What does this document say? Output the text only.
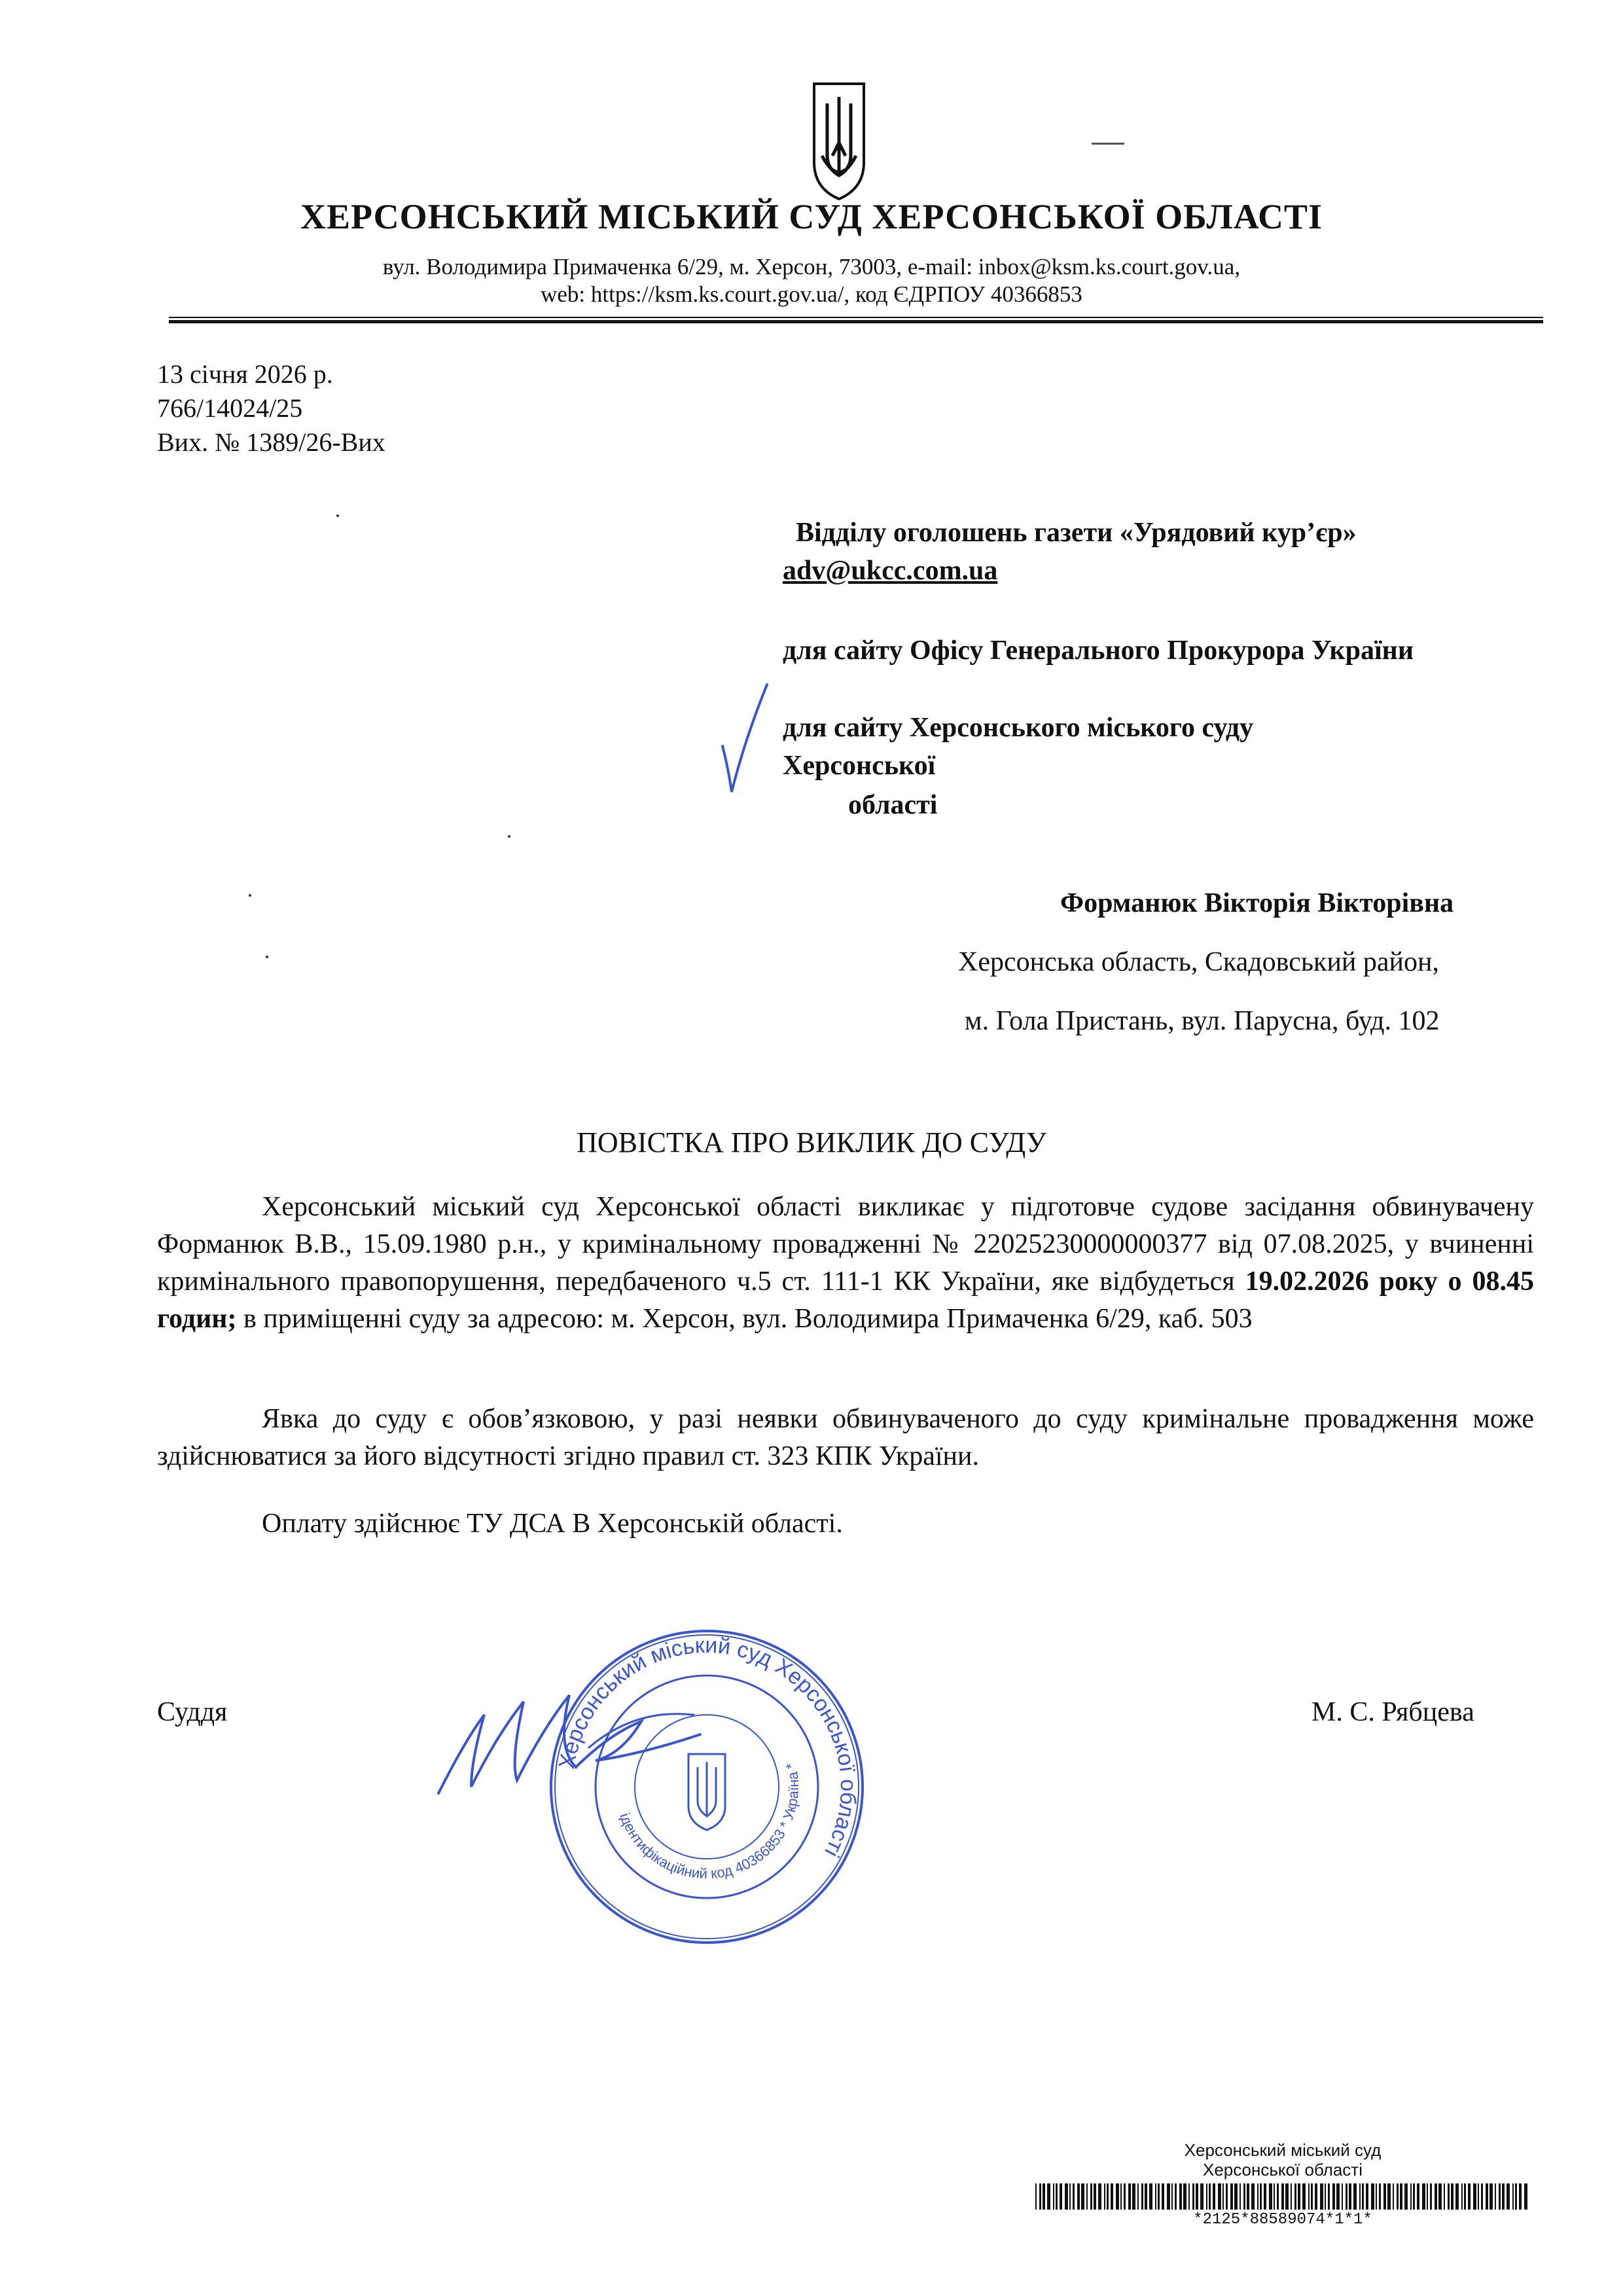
ХЕРСОНСЬКИЙ МІСЬКИЙ СУД ХЕРСОНСЬКОЇ ОБЛАСТІ
вул. Володимира Примаченка 6/29, м. Херсон, 73003, e-mail: inbox@ksm.ks.court.gov.ua,
web: https://ksm.ks.court.gov.ua/, код ЄДРПОУ 40366853
13 січня 2026 р.
766/14024/25
Вих. № 1389/26-Вих
Відділу оголошень газети «Урядовий кур’єр»
adv@ukcc.com.ua
для сайту Офісу Генерального Прокурора України
для сайту Херсонського міського суду
Херсонської
області
Форманюк Вікторія Вікторівна
Херсонська область, Скадовський район,
м. Гола Пристань, вул. Парусна, буд. 102
ПОВІСТКА ПРО ВИКЛИК ДО СУДУ
Херсонський міський суд Херсонської області викликає у підготовче судове засідання обвинувачену Форманюк В.В., 15.09.1980 р.н., у кримінальному провадженні № 22025230000000377 від 07.08.2025, у вчиненні кримінального правопорушення, передбаченого ч.5 ст. 111-1 КК України, яке відбудеться 19.02.2026 року о 08.45 годин; в приміщенні суду за адресою: м. Херсон, вул. Володимира Примаченка 6/29, каб. 503
Явка до суду є обов’язковою, у разі неявки обвинуваченого до суду кримінальне провадження може здійснюватися за його відсутності згідно правил ст. 323 КПК України.
Оплату здійснює ТУ ДСА В Херсонській області.
Суддя	М. С. Рябцева
Херсонський міський суд Херсонської області
ідентифікаційний код 40366853 * Україна *
Херсонський міський суд
Херсонської області
*2125*88589074*1*1*
